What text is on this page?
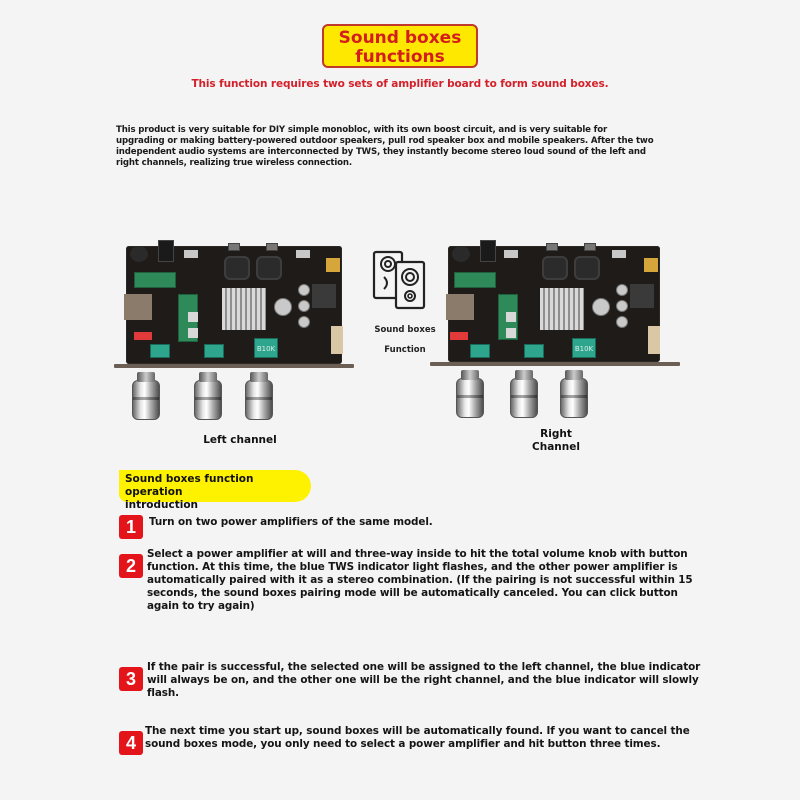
Sound boxes
functions
This function requires two sets of amplifier board to form sound boxes.
This product is very suitable for DIY simple monobloc, with its own boost circuit, and is very suitable for upgrading or making battery-powered outdoor speakers, pull rod speaker box and mobile speakers. After the two independent audio systems are interconnected by TWS, they instantly become stereo loud sound of the left and right channels, realizing true wireless connection.
B10K
Left channel
Sound boxes
Function	B10K
Right
Channel
Sound boxes function operation
introduction
1	Turn on two power amplifiers of the same model.
2
Select a power amplifier at will and three-way inside to hit the total volume knob with button function. At this time, the blue TWS indicator light flashes, and the other power amplifier is automatically paired with it as a stereo combination. (If the pairing is not successful within 15 seconds, the sound boxes pairing mode will be automatically canceled. You can click button again to try again)
3
If the pair is successful, the selected one will be assigned to the left channel, the blue indicator will always be on, and the other one will be the right channel, and the blue indicator will slowly flash.
4
The next time you start up, sound boxes will be automatically found. If you want to cancel the sound boxes mode, you only need to select a power amplifier and hit button three times.
